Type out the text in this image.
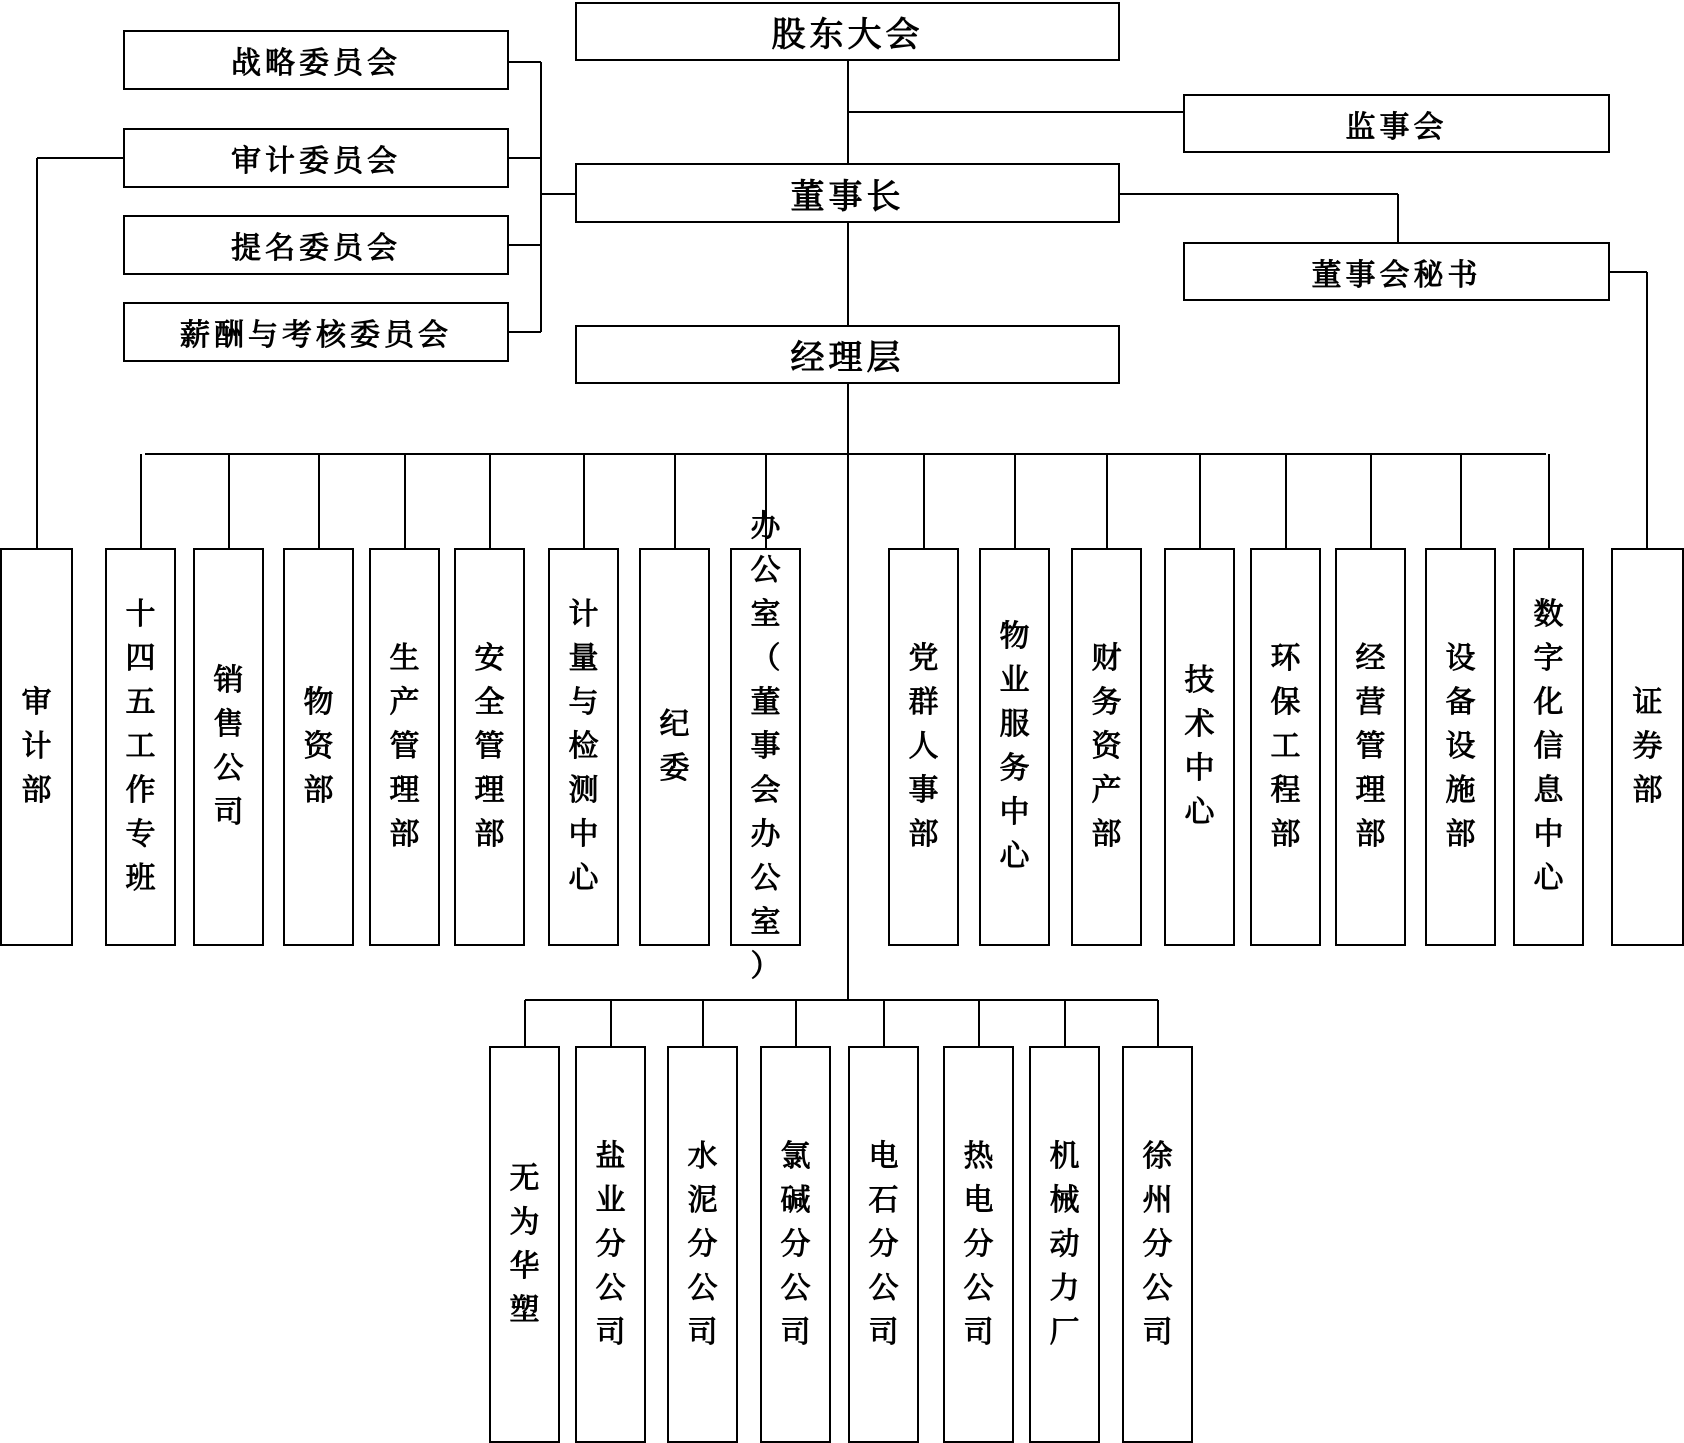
股东大会
监事会
董事长
董事会秘书
经理层
战略委员会
审计委员会
提名委员会
薪酬与考核委员会
审
计
部
证
券
部
十
四
五
工
作
专
班
销
售
公
司
物
资
部
生
产
管
理
部
安
全
管
理
部
计
量
与
检
测
中
心
纪
委
办
公
室
（
董
事
会
办
公
室
）
党
群
人
事
部
物
业
服
务
中
心
财
务
资
产
部
技
术
中
心
环
保
工
程
部
经
营
管
理
部
设
备
设
施
部
数
字
化
信
息
中
心
无
为
华
塑
盐
业
分
公
司
水
泥
分
公
司
氯
碱
分
公
司
电
石
分
公
司
热
电
分
公
司
机
械
动
力
厂
徐
州
分
公
司
